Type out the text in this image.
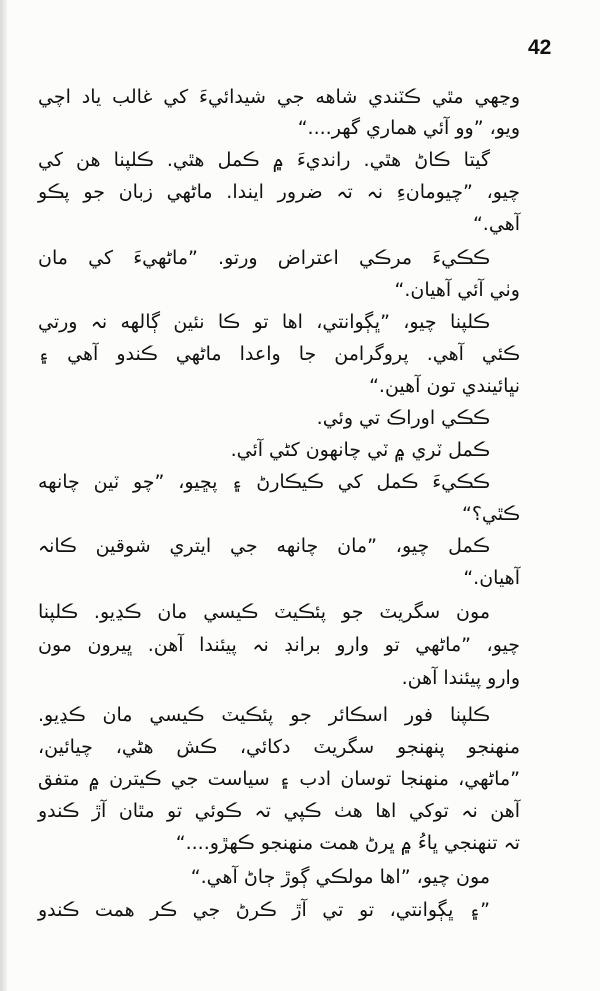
42
وڃهي مٿي ڪٽندي شاهه جي شيدائيءَ کي غالب ياد اچي
ويو، ”وو آئي هماري گهر....“
گيتا ڪاڻ هٿي. رانديءَ ۾ ڪمل هٿي. ڪلپنا هن کي
چيو، ”چيومانءِ نہ تہ ضرور ايندا. ماڻهي زبان جو پڪو
آهي.“
ڪڪيءَ مرڪي اعتراض ورتو. ”ماڻهيءَ کي مان
وٺي آئي آهيان.“
ڪلپنا چيو، ”ڀڳوانتي، اها تو ڪا نئين ڳالهه نہ ورتي
ڪئي آهي. پروگرامن جا واعدا ماڻهي ڪندو آهي ۽
نڀائيندي تون آهين.“
ڪڪي اوراڪ تي وئي.
ڪمل ٽري ۾ ٽي چانهون کڻي آئي.
ڪڪيءَ ڪمل کي ڪيڪارڻ ۽ پڇيو، ”چو ٽين چانهه
ڪٿي؟“
ڪمل چيو، ”مان چانهه جي ايتري شوقين ڪانہ
آهيان.“
مون سگريٽ جو پئڪيٽ ڪيسي مان ڪڍيو. ڪلپنا
چيو، ”ماڻهي تو وارو برانڊ نہ پيئندا آهن. ڀيرون مون
وارو پيئندا آهن.
ڪلپنا فور اسڪائر جو پئڪيٽ ڪيسي مان ڪڍيو.
منهنجو پنهنجو سگريٽ دکائي، ڪش هڻي، چيائين،
”ماڻهي، منهنجا توسان ادب ۽ سياست جي ڪيترن ۾ متفق
آهن نہ توکي اها هٺ ڪپي تہ ڪوئي تو مٿان آڙ ڪندو
تہ تنهنجي ڀاءُ ۾ ڀرڻ همت منهنجو ڪهڙو....“
مون چيو، ”اها مولڪي ڳوڙ ڄاڻ آهي.“
”۽ ڀڳوانتي، تو تي آڙ ڪرڻ جي ڪر همت ڪندو
